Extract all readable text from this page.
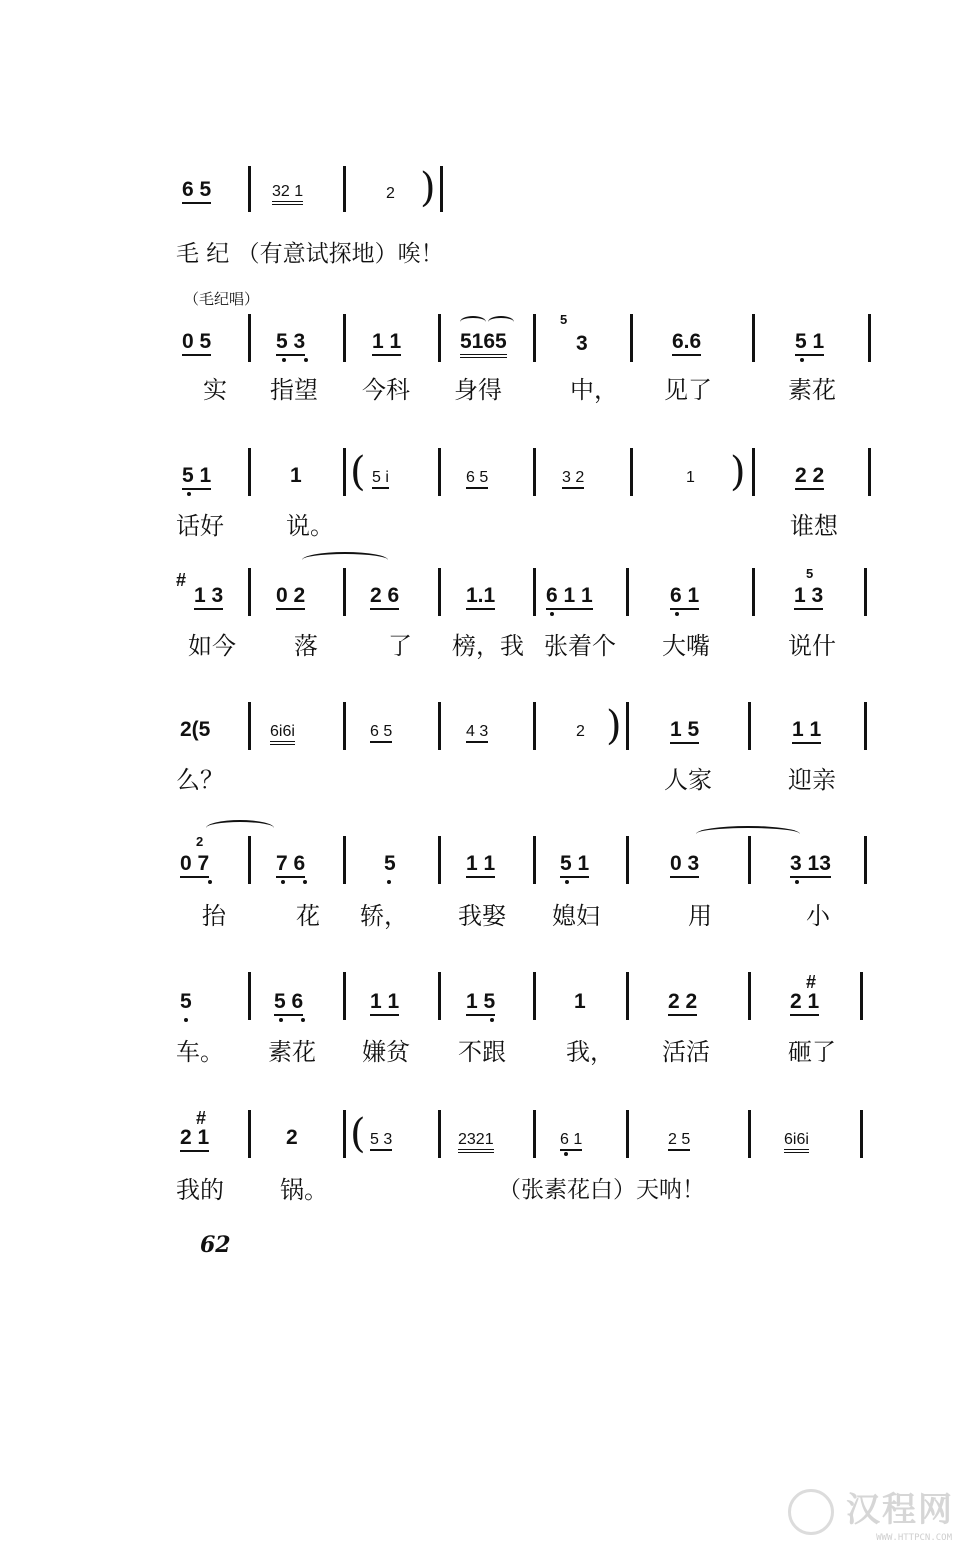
6 5	32 1	2 )
毛 纪 （有意试探地）唉！
（毛纪唱）
0 5	5 3	1 1	5165
5
3	6.6	5 1
实 指望 今科 身得	中， 见了	素花
5 1	1 ( 5 i	6 5	3 2	1 ) 2 2
话好	说。	谁想
#
1 3	0 2	2 6	1.1 6 1 1	6 1
5
1 3
如今 落	了 榜，我 张着个 大嘴	说什
2(5	6i6i	6 5	4 3	2 ) 1 5	1 1
么？	人家	迎亲
2
0 7	7 6	5	1 1	5 1	0 3	3 13
抬	花 轿， 我娶 媳妇	用	小
5	5 6	1 1	1 5	1	2 2
#
2 1
车。 素花 嫌贫 不跟	我， 活活	砸了
#
2 1	2 ( 5 3	2321	6 1	2 5	6i6i
我的 锅。	（张素花白）天呐！
62
汉程网
WWW.HTTPCN.COM
